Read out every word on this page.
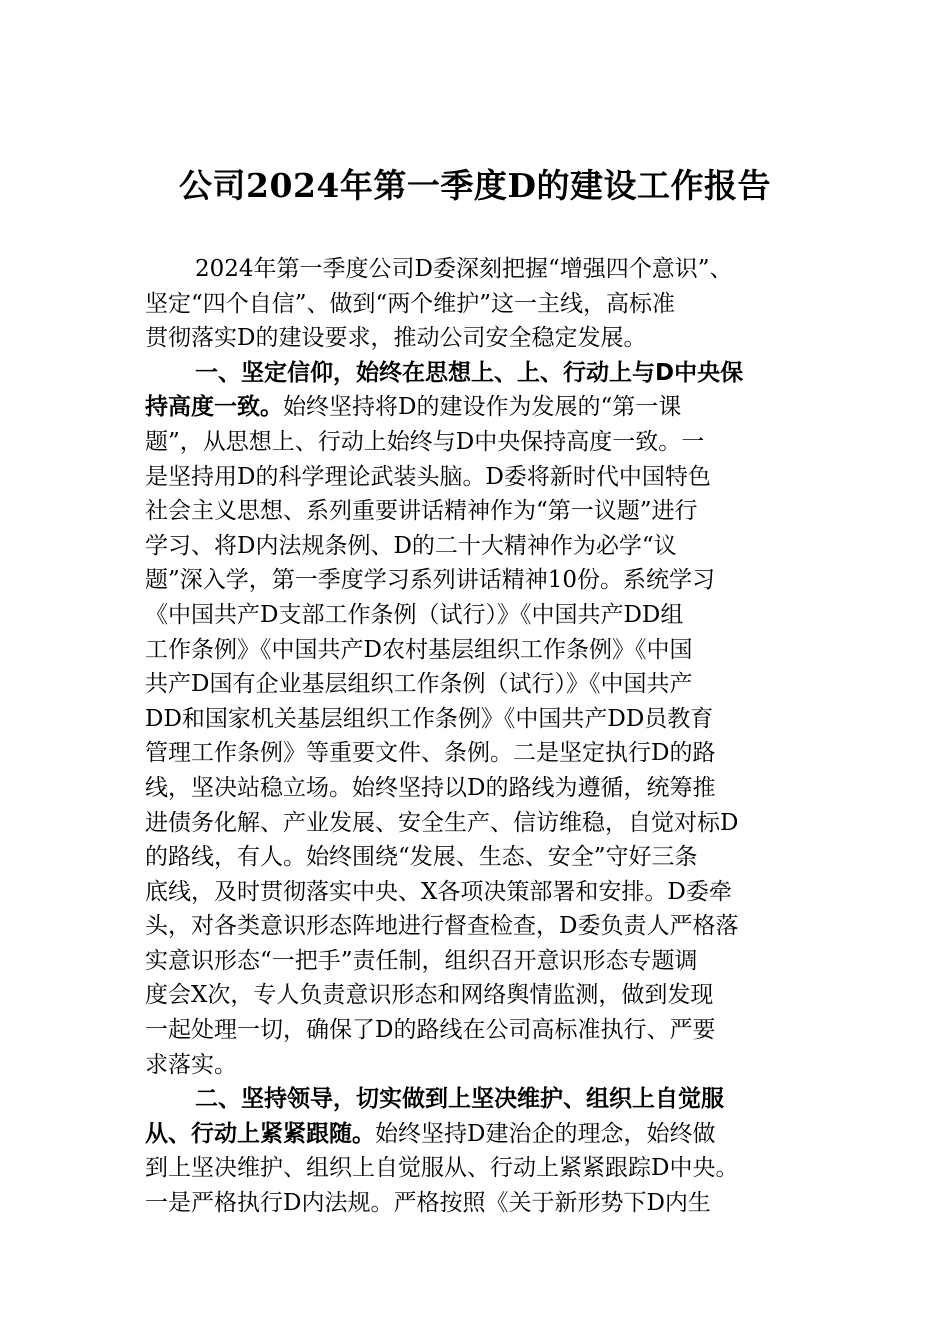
公司2024年第一季度D的建设工作报告
2024年第一季度公司D委深刻把握“增强四个意识”、
坚定“四个自信”、做到“两个维护”这一主线，高标准
贯彻落实D的建设要求，推动公司安全稳定发展。
一、坚定信仰，始终在思想上、上、行动上与D中央保
持高度一致。始终坚持将D的建设作为发展的“第一课
题”，从思想上、行动上始终与D中央保持高度一致。一
是坚持用D的科学理论武装头脑。D委将新时代中国特色
社会主义思想、系列重要讲话精神作为“第一议题”进行
学习、将D内法规条例、D的二十大精神作为必学“议
题”深入学，第一季度学习系列讲话精神10份。系统学习
《中国共产D支部工作条例（试行）》《中国共产DD组
工作条例》《中国共产D农村基层组织工作条例》《中国
共产D国有企业基层组织工作条例（试行）》《中国共产
DD和国家机关基层组织工作条例》《中国共产DD员教育
管理工作条例》等重要文件、条例。二是坚定执行D的路
线，坚决站稳立场。始终坚持以D的路线为遵循，统筹推
进债务化解、产业发展、安全生产、信访维稳，自觉对标D
的路线，有人。始终围绕“发展、生态、安全”守好三条
底线，及时贯彻落实中央、X各项决策部署和安排。D委牵
头，对各类意识形态阵地进行督查检查，D委负责人严格落
实意识形态“一把手”责任制，组织召开意识形态专题调
度会X次，专人负责意识形态和网络舆情监测，做到发现
一起处理一切，确保了D的路线在公司高标准执行、严要
求落实。
二、坚持领导，切实做到上坚决维护、组织上自觉服
从、行动上紧紧跟随。始终坚持D建治企的理念，始终做
到上坚决维护、组织上自觉服从、行动上紧紧跟踪D中央。
一是严格执行D内法规。严格按照《关于新形势下D内生
